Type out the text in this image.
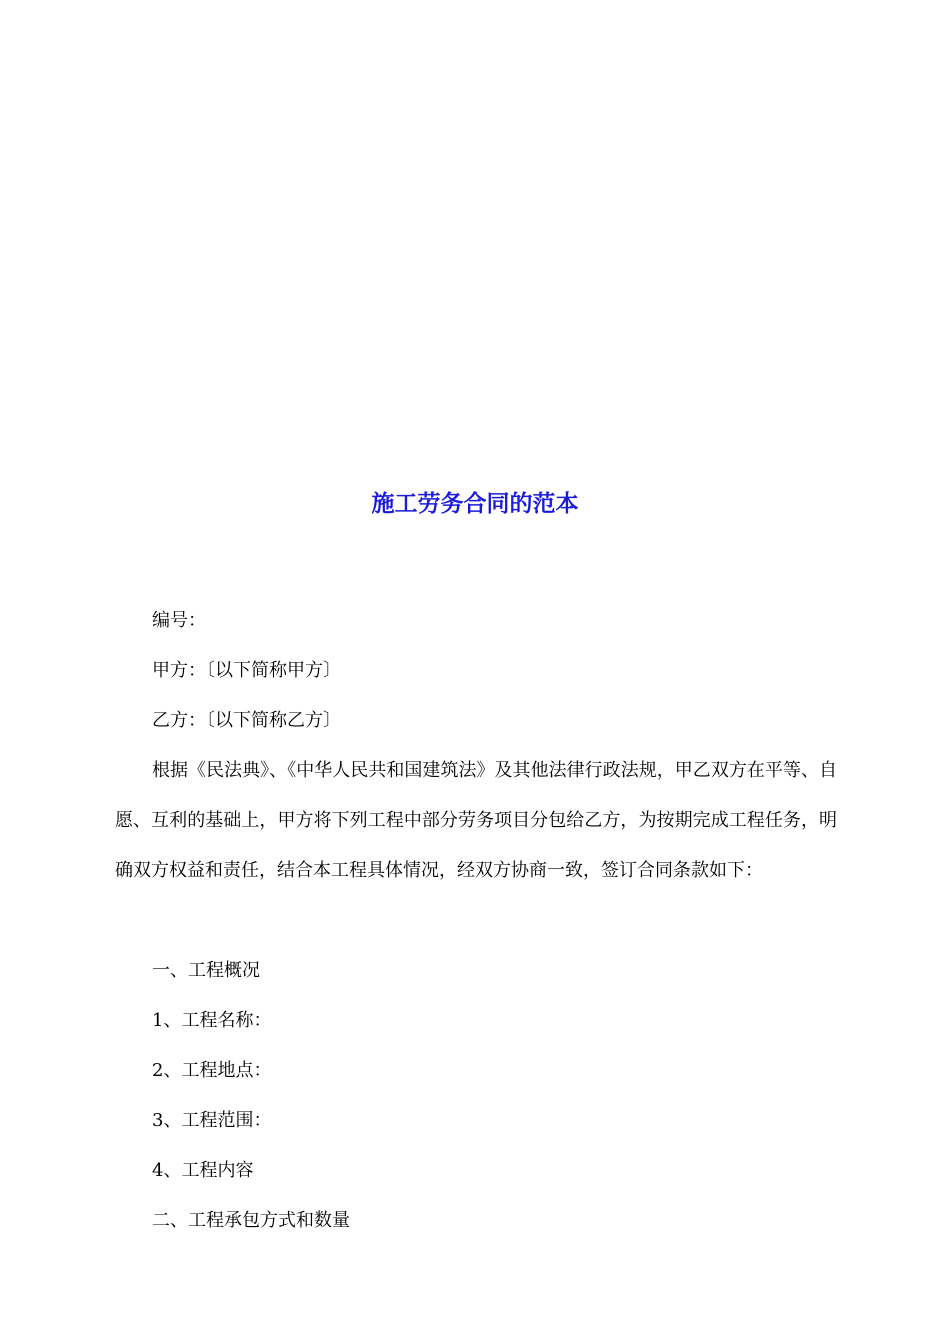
施工劳务合同的范本
编号：
甲方：〔以下简称甲方〕
乙方：〔以下简称乙方〕

根据《民法典》、《中华人民共和国建筑法》及其他法律行政法规，甲乙双方在平等、自愿、互利的基础上，甲方将下列工程中部分劳务项目分包给乙方，为按期完成工程任务，明确双方权益和责任，结合本工程具体情况，经双方协商一致，签订合同条款如下：

一、工程概况
1、工程名称：
2、工程地点：
3、工程范围：
4、工程内容
二、工程承包方式和数量
